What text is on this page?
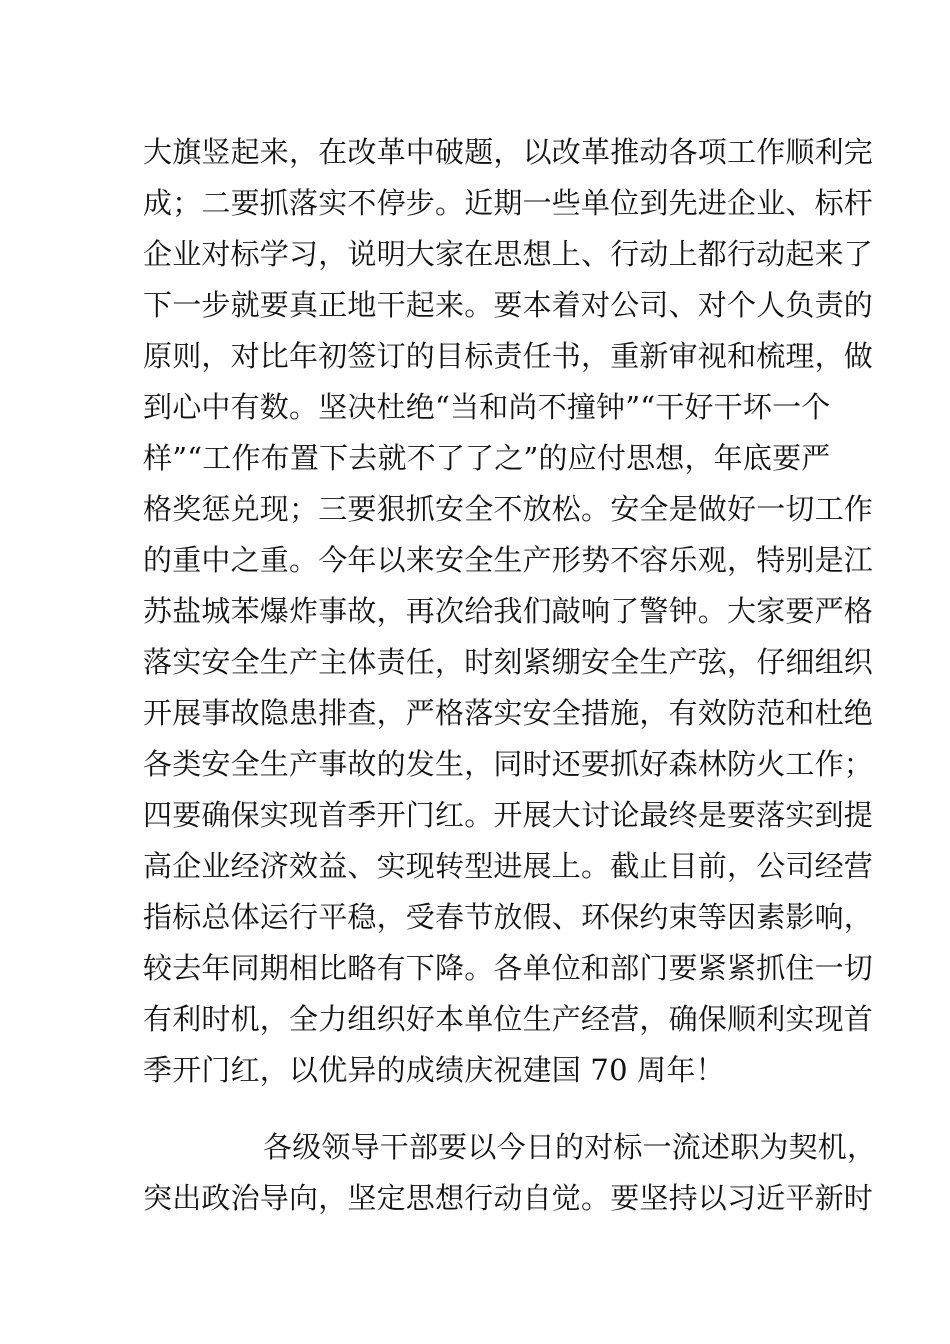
大旗竖起来，在改革中破题，以改革推动各项工作顺利完
成；二要抓落实不停步。近期一些单位到先进企业、标杆
企业对标学习，说明大家在思想上、行动上都行动起来了
下一步就要真正地干起来。要本着对公司、对个人负责的
原则，对比年初签订的目标责任书，重新审视和梳理，做
到心中有数。坚决杜绝“当和尚不撞钟”“干好干坏一个
样”“工作布置下去就不了了之”的应付思想，年底要严
格奖惩兑现；三要狠抓安全不放松。安全是做好一切工作
的重中之重。今年以来安全生产形势不容乐观，特别是江
苏盐城苯爆炸事故，再次给我们敲响了警钟。大家要严格
落实安全生产主体责任，时刻紧绷安全生产弦，仔细组织
开展事故隐患排查，严格落实安全措施，有效防范和杜绝
各类安全生产事故的发生，同时还要抓好森林防火工作；
四要确保实现首季开门红。开展大讨论最终是要落实到提
高企业经济效益、实现转型进展上。截止目前，公司经营
指标总体运行平稳，受春节放假、环保约束等因素影响，
较去年同期相比略有下降。各单位和部门要紧紧抓住一切
有利时机，全力组织好本单位生产经营，确保顺利实现首
季开门红，以优异的成绩庆祝建国 70 周年！
各级领导干部要以今日的对标一流述职为契机，
突出政治导向，坚定思想行动自觉。要坚持以习近平新时
